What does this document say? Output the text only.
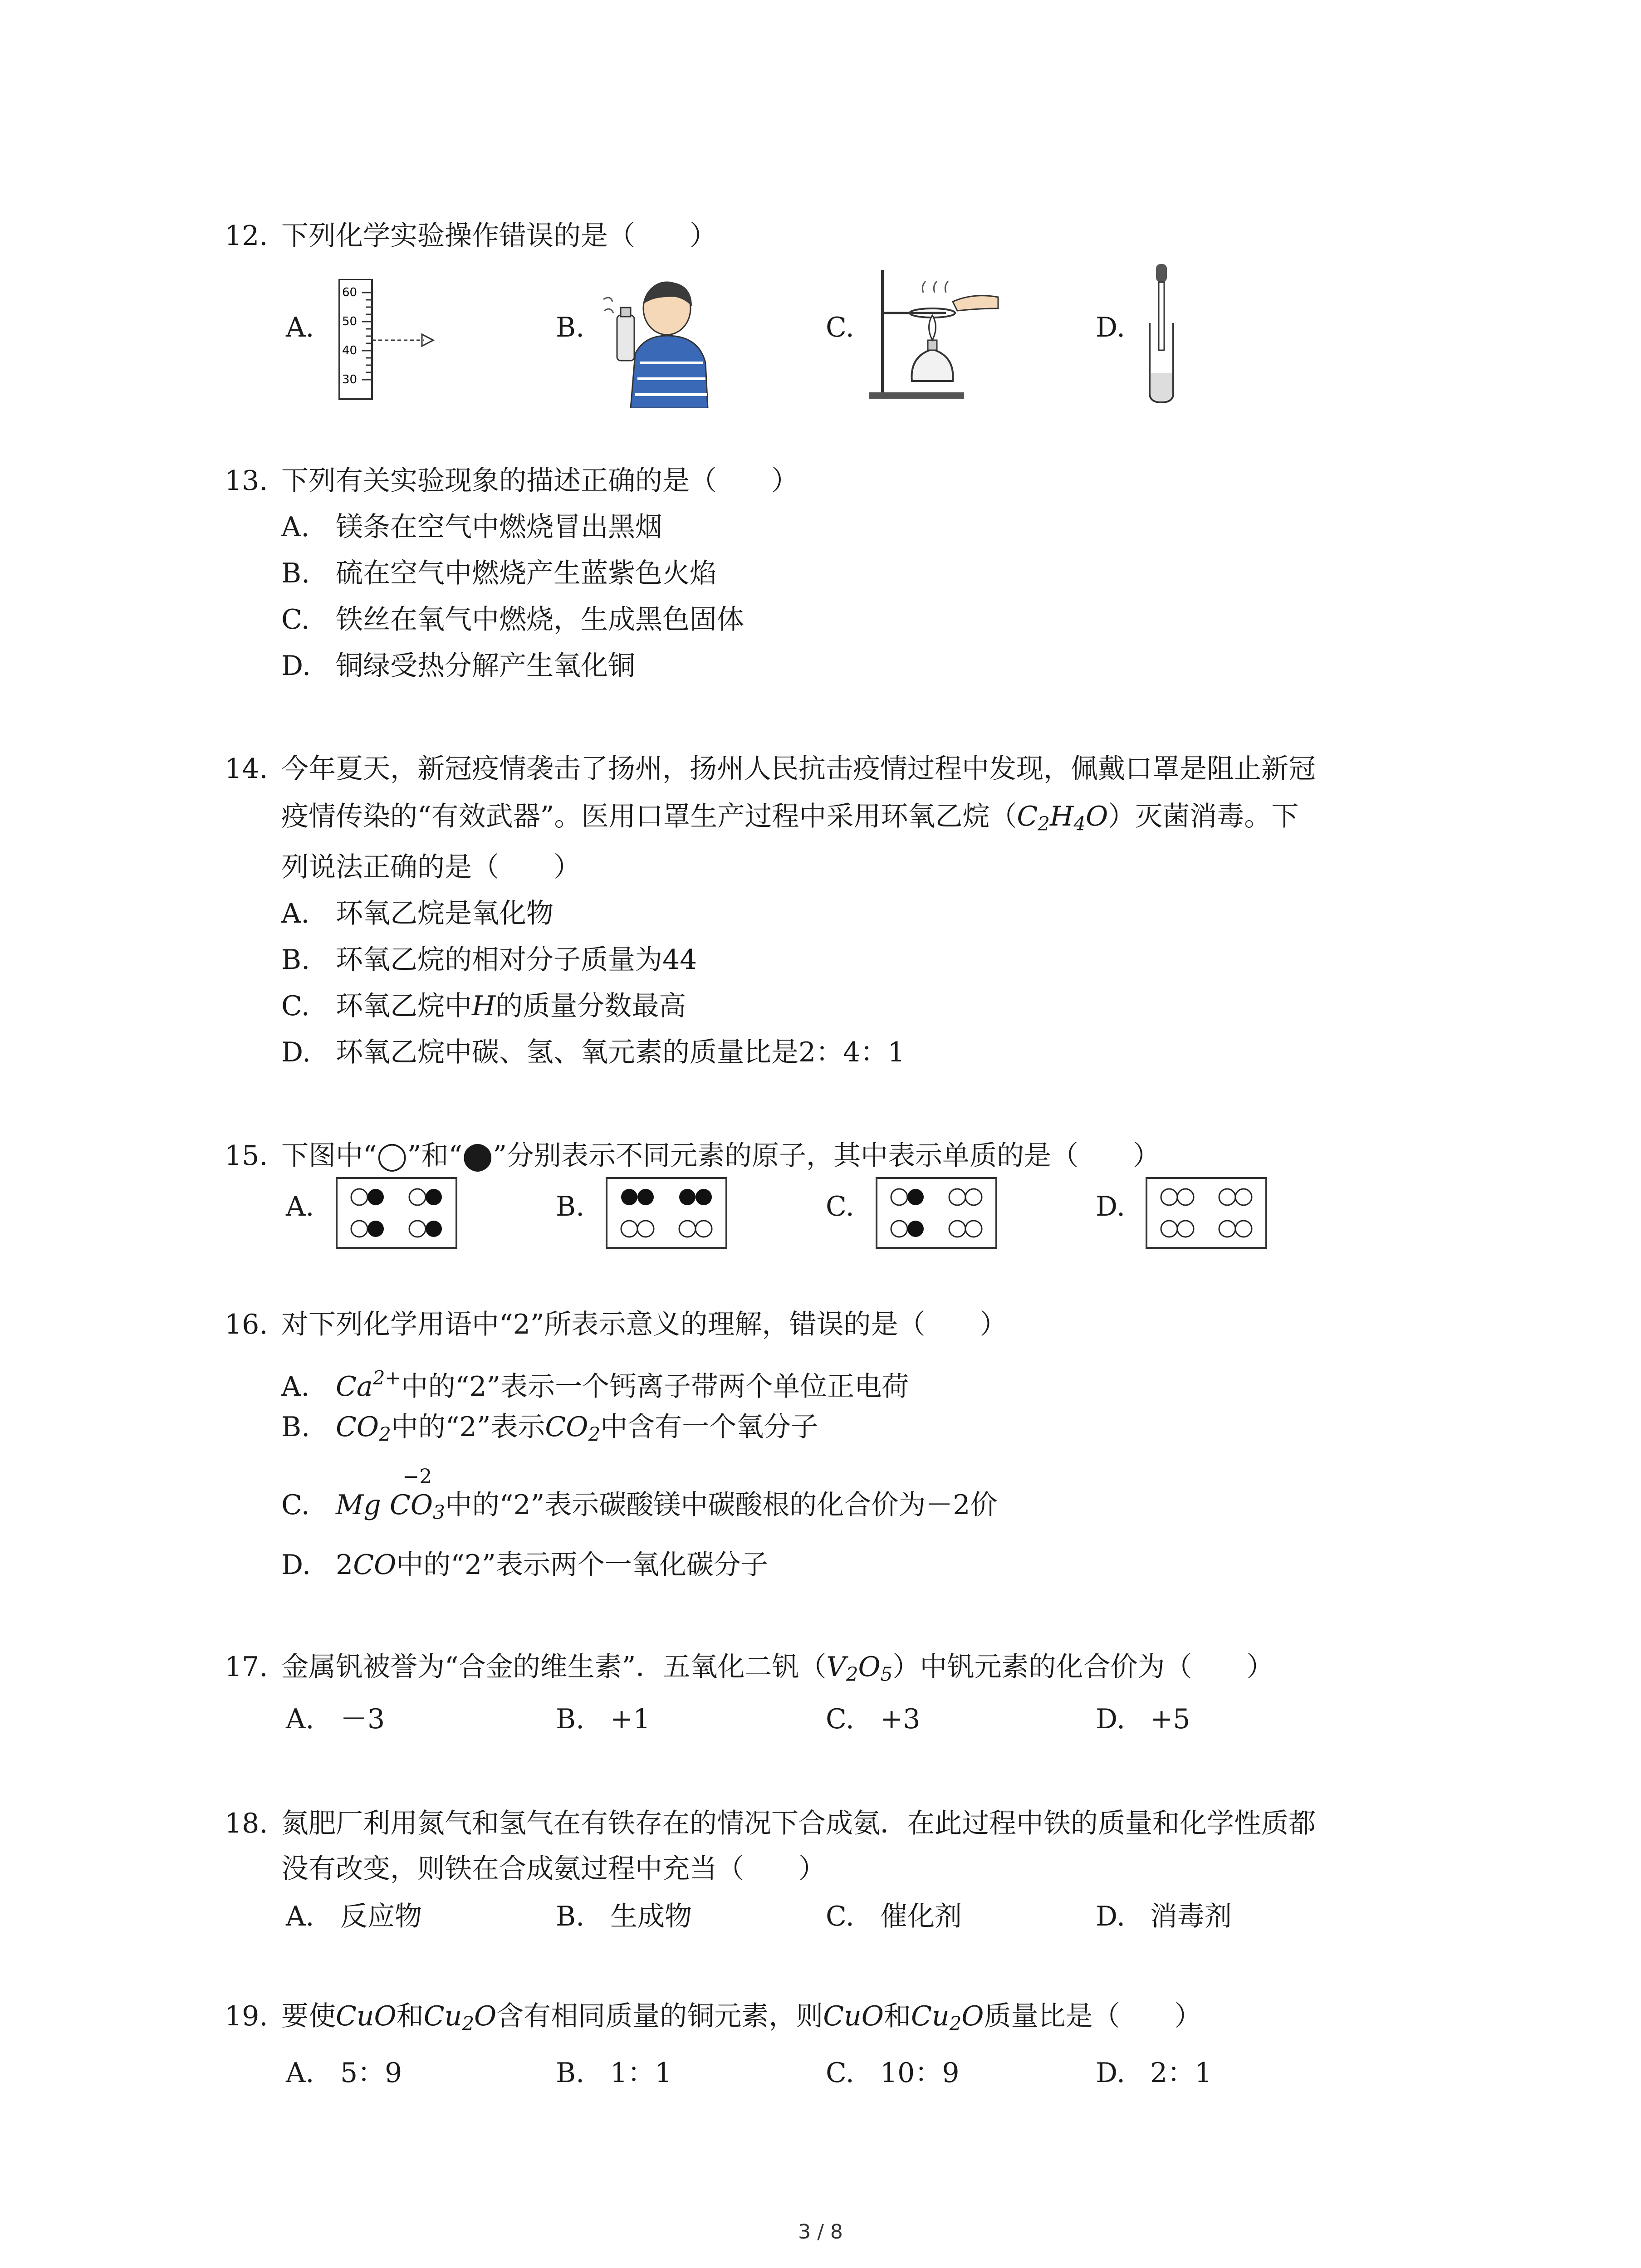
12. 下列化学实验操作错误的是（　　）
A.	B.	C.	D.
60
50
40
30
13. 下列有关实验现象的描述正确的是（　　）
A. 镁条在空气中燃烧冒出黑烟
B. 硫在空气中燃烧产生蓝紫色火焰
C. 铁丝在氧气中燃烧，生成黑色固体
D. 铜绿受热分解产生氧化铜
14. 今年夏天，新冠疫情袭击了扬州，扬州人民抗击疫情过程中发现，佩戴口罩是阻止新冠
疫情传染的“有效武器”。医用口罩生产过程中采用环氧乙烷$(C_2H_4O)$灭菌消毒。下
列说法正确的是（　　）
A. 环氧乙烷是氧化物
B. 环氧乙烷的相对分子质量为44
C. 环氧乙烷中H的质量分数最高
D. 环氧乙烷中碳、氢、氧元素的质量比是2：4：1
15. 下图中“◯”和“⬤”分别表示不同元素的原子，其中表示单质的是（　　）
A.	B.	C.	D.
16. 对下列化学用语中“2”所表示意义的理解，错误的是（　　）
A. $Ca^{2+}$中的“2”表示一个钙离子带两个单位正电荷
B. $CO_2$中的“2”表示$CO_2$中含有一个氧分子
C. Mg
−2
$CO_3$中的“2”表示碳酸镁中碳酸根的化合价为－2价
D. 2CO中的“2”表示两个一氧化碳分子
17. 金属钒被誉为“合金的维生素”．五氧化二钒$(V_2O_5)$中钒元素的化合价为（　　）
A. －3	B. +1	C. +3	D. +5
18. 氮肥厂利用氮气和氢气在有铁存在的情况下合成氨．在此过程中铁的质量和化学性质都
没有改变，则铁在合成氨过程中充当（　　）
A. 反应物	B. 生成物	C. 催化剂	D. 消毒剂
19. 要使CuO和$Cu_2O$含有相同质量的铜元素，则CuO和$Cu_2O$质量比是（　　）
A. 5：9	B. 1：1	C. 10：9	D. 2：1
3 / 8
